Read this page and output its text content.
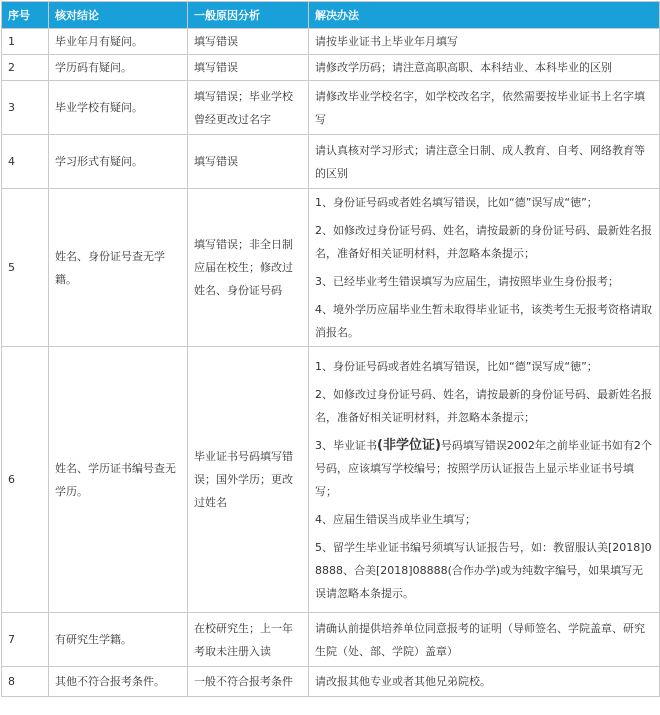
序号	核对结论	一般原因分析	解决办法
1	毕业年月有疑问。	填写错误	请按毕业证书上毕业年月填写
2	学历码有疑问。	填写错误	请修改学历码；请注意高职高职、本科结业、本科毕业的区别
3	毕业学校有疑问。	填写错误；毕业学校曾经更改过名字	请修改毕业学校名字，如学校改名字，依然需要按毕业证书上名字填写
4	学习形式有疑问。	填写错误	请认真核对学习形式；请注意全日制、成人教育、自考、网络教育等的区别
5	姓名、身份证号查无学籍。	填写错误；非全日制应届在校生；修改过姓名、身份证号码	1、身份证号码或者姓名填写错误，比如“德”误写成“徳”；

2、如修改过身份证号码、姓名，请按最新的身份证号码、最新姓名报名，准备好相关证明材料，并忽略本条提示；

3、已经毕业考生错误填写为应届生，请按照毕业生身份报考；

4、境外学历应届毕业生暂未取得毕业证书，该类考生无报考资格请取消报名。

6	姓名、学历证书编号查无学历。	毕业证书号码填写错误；国外学历；更改过姓名	1、身份证号码或者姓名填写错误，比如“德”误写成“徳”；

2、如修改过身份证号码、姓名，请按最新的身份证号码、最新姓名报名，准备好相关证明材料，并忽略本条提示；

3、毕业证书(非学位证)号码填写错误2002年之前毕业证书如有2个号码，应该填写学校编号；按照学历认证报告上显示毕业证书号填写；

4、应届生错误当成毕业生填写；

5、留学生毕业证书编号须填写认证报告号，如：教留服认美[2018]08888、合美[2018]08888(合作办学)或为纯数字编号，如果填写无误请忽略本条提示。

7	有研究生学籍。	在校研究生；上一年考取未注册入读	请确认前提供培养单位同意报考的证明（导师签名、学院盖章、研究生院（处、部、学院）盖章）
8	其他不符合报考条件。	一般不符合报考条件	请改报其他专业或者其他兄弟院校。
